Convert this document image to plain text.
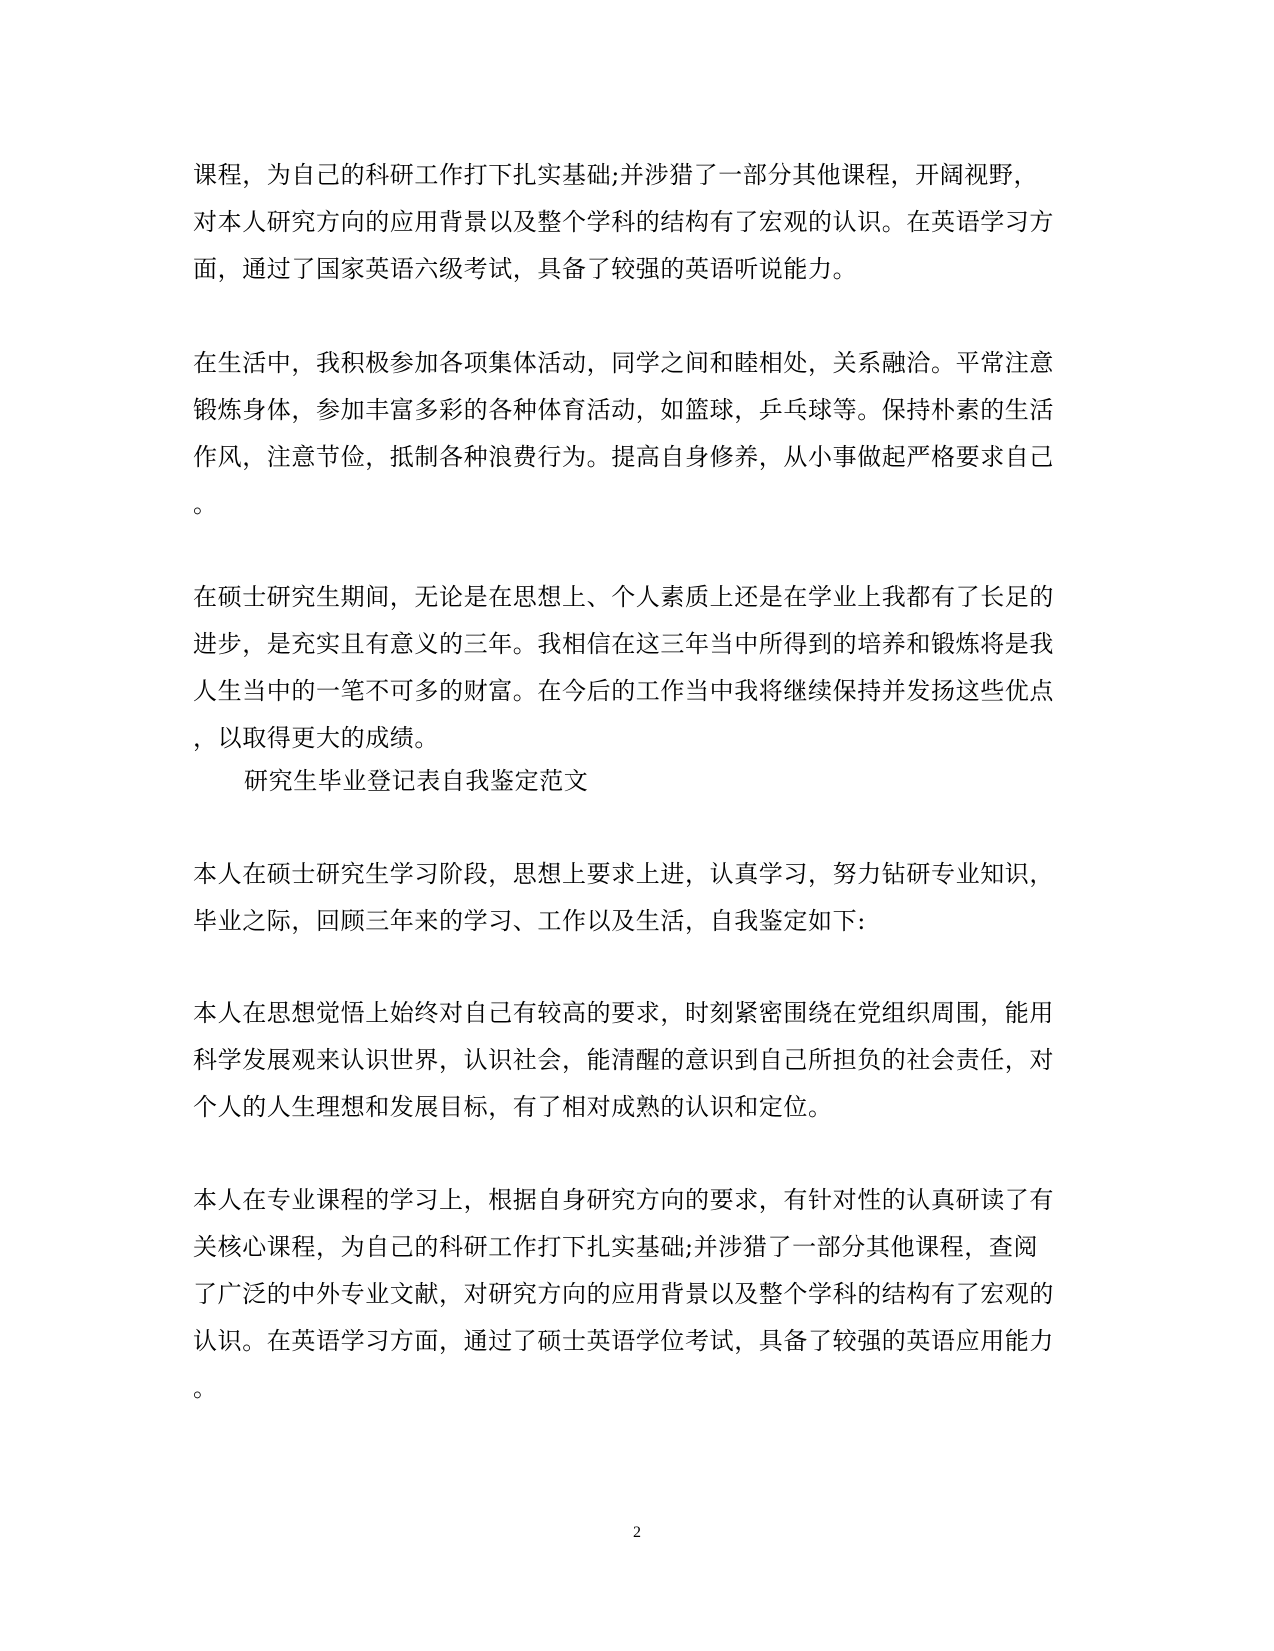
课程，为自己的科研工作打下扎实基础;并涉猎了一部分其他课程，开阔视野，
对本人研究方向的应用背景以及整个学科的结构有了宏观的认识。在英语学习方
面，通过了国家英语六级考试，具备了较强的英语听说能力。
在生活中，我积极参加各项集体活动，同学之间和睦相处，关系融洽。平常注意
锻炼身体，参加丰富多彩的各种体育活动，如篮球，乒乓球等。保持朴素的生活
作风，注意节俭，抵制各种浪费行为。提高自身修养，从小事做起严格要求自己
。
在硕士研究生期间，无论是在思想上、个人素质上还是在学业上我都有了长足的
进步，是充实且有意义的三年。我相信在这三年当中所得到的培养和锻炼将是我
人生当中的一笔不可多的财富。在今后的工作当中我将继续保持并发扬这些优点
，以取得更大的成绩。
研究生毕业登记表自我鉴定范文
本人在硕士研究生学习阶段，思想上要求上进，认真学习，努力钻研专业知识，
毕业之际，回顾三年来的学习、工作以及生活，自我鉴定如下:
本人在思想觉悟上始终对自己有较高的要求，时刻紧密围绕在党组织周围，能用
科学发展观来认识世界，认识社会，能清醒的意识到自己所担负的社会责任，对
个人的人生理想和发展目标，有了相对成熟的认识和定位。
本人在专业课程的学习上，根据自身研究方向的要求，有针对性的认真研读了有
关核心课程，为自己的科研工作打下扎实基础;并涉猎了一部分其他课程，查阅
了广泛的中外专业文献，对研究方向的应用背景以及整个学科的结构有了宏观的
认识。在英语学习方面，通过了硕士英语学位考试，具备了较强的英语应用能力
。
2
